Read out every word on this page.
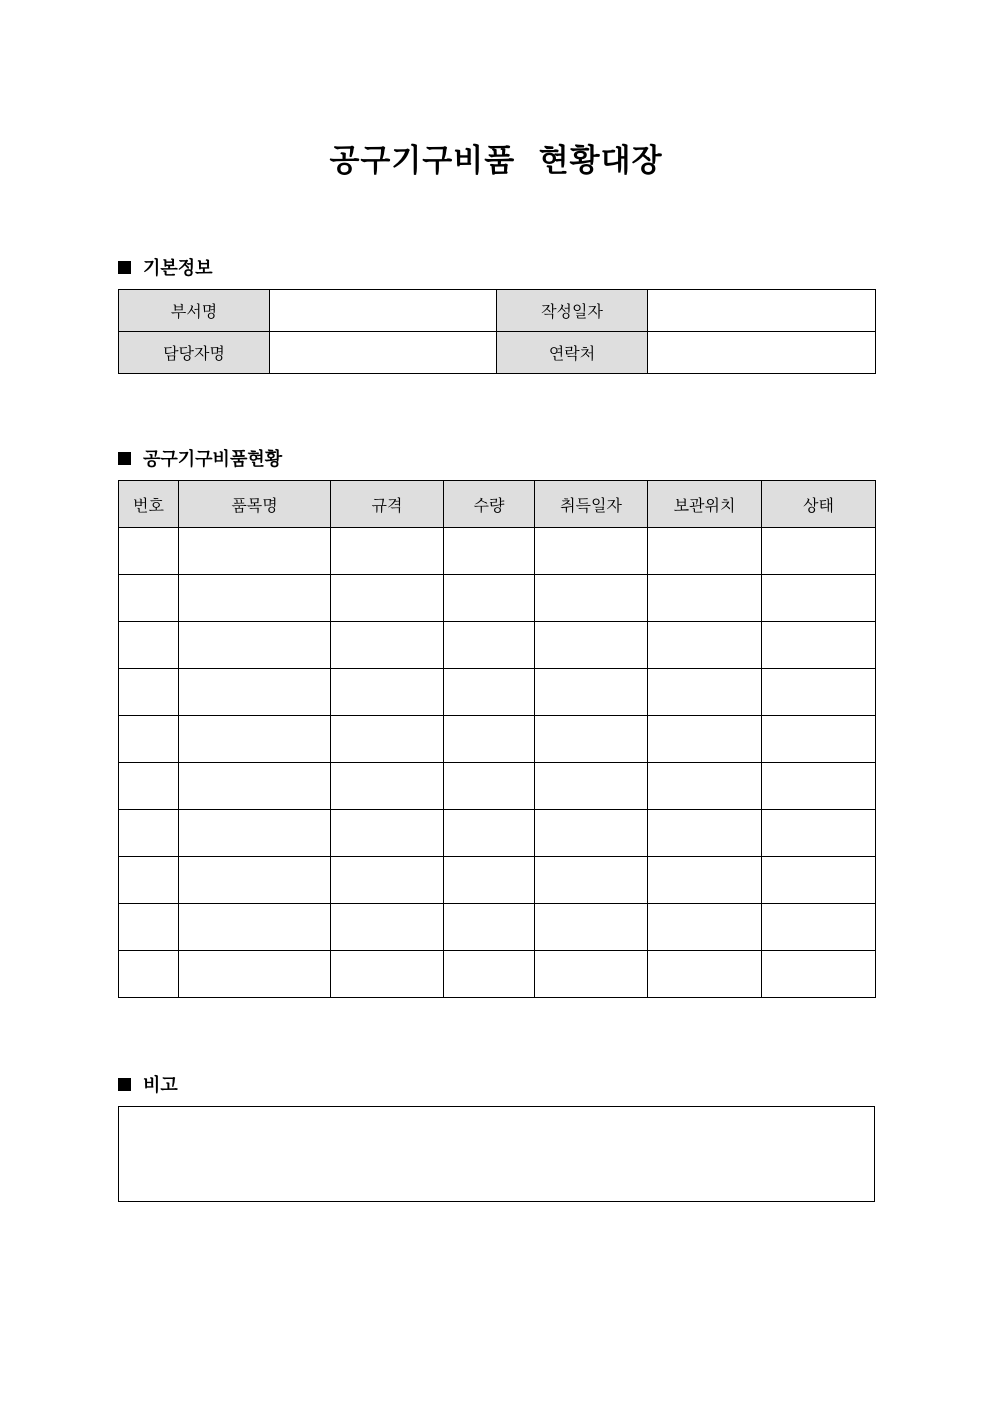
공구기구비품  현황대장
기본정보
부서명		작성일자	
담당자명		연락처	
공구기구비품현황
번호	품목명	규격	수량	취득일자	보관위치	상태

비고
